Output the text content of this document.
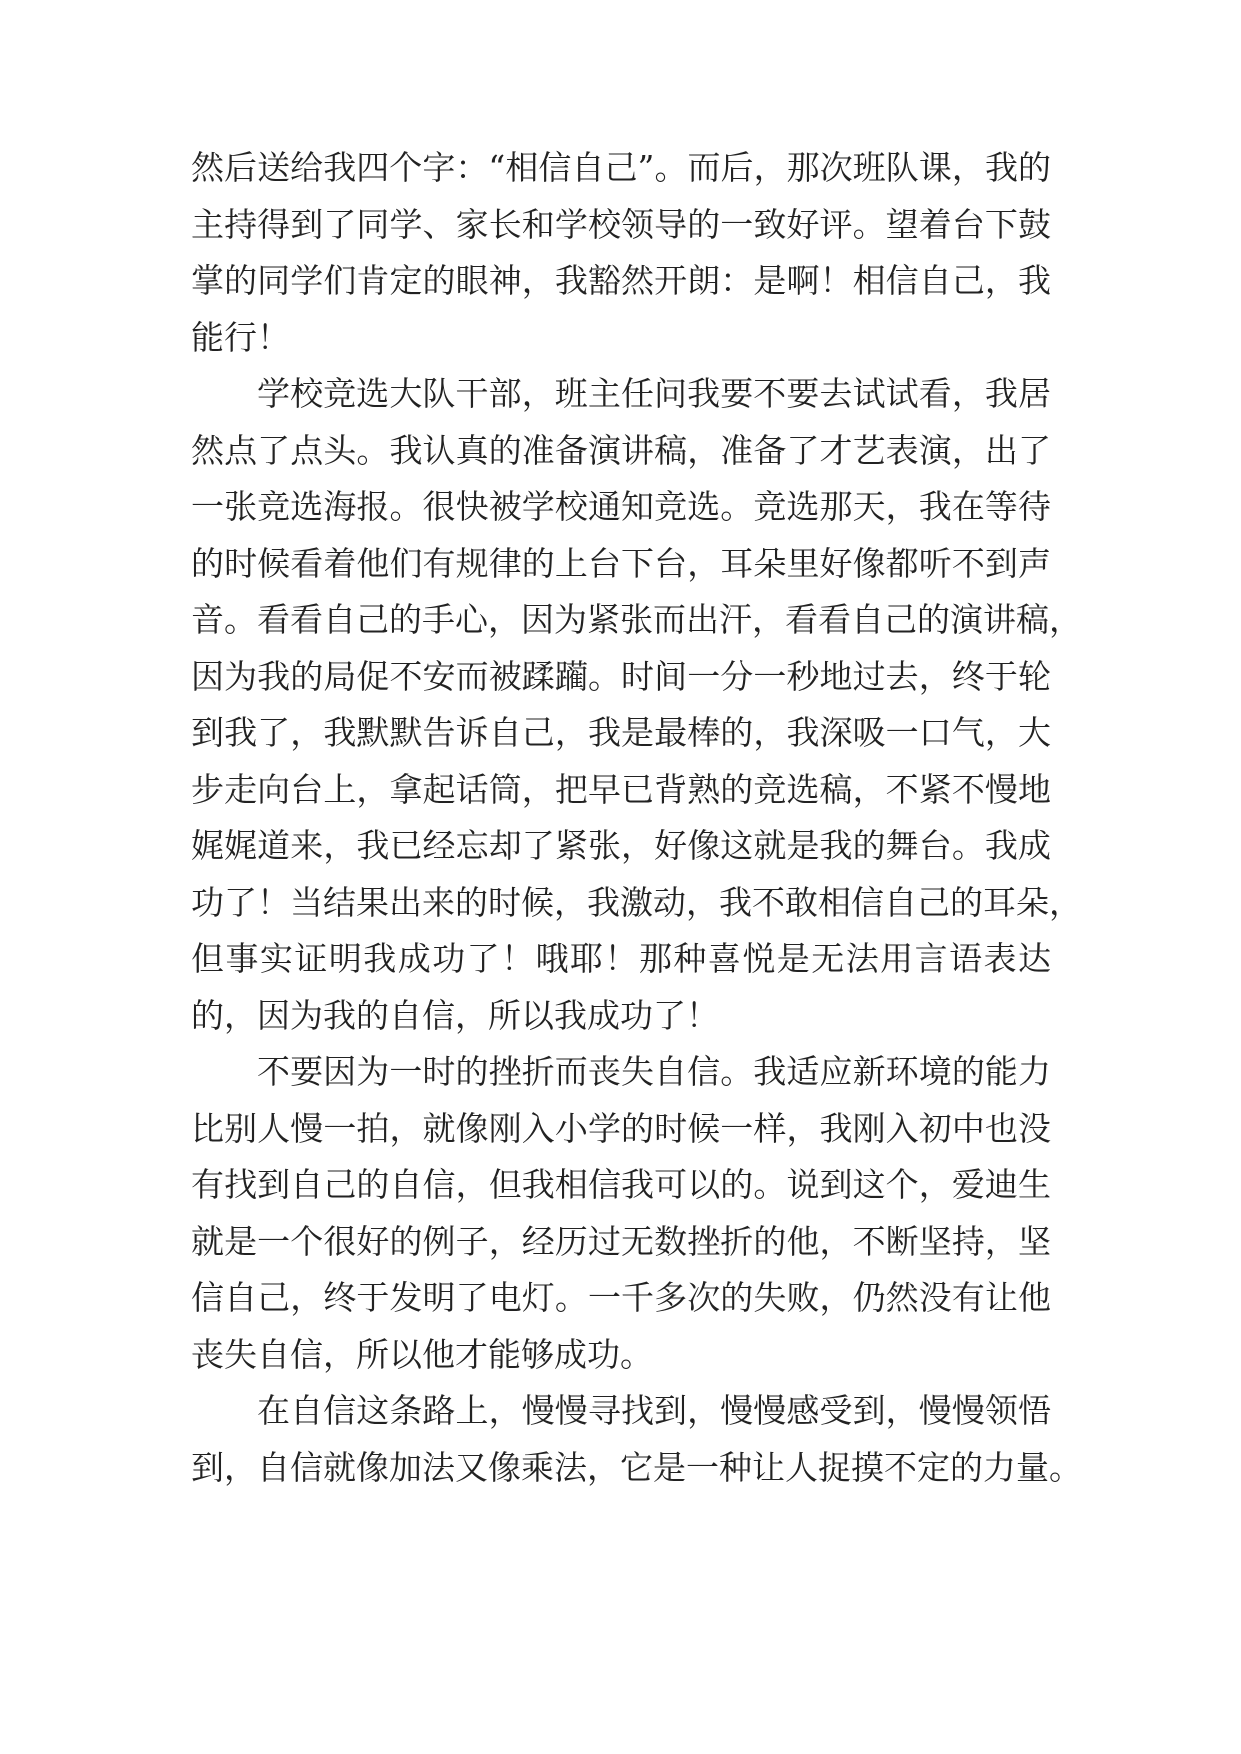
然后送给我四个字：“相信自己”。而后，那次班队课，我的
主持得到了同学、家长和学校领导的一致好评。望着台下鼓
掌的同学们肯定的眼神，我豁然开朗：是啊！相信自己，我
能行！
学校竞选大队干部，班主任问我要不要去试试看，我居
然点了点头。我认真的准备演讲稿，准备了才艺表演，出了
一张竞选海报。很快被学校通知竞选。竞选那天，我在等待
的时候看着他们有规律的上台下台，耳朵里好像都听不到声
音。看看自己的手心，因为紧张而出汗，看看自己的演讲稿，
因为我的局促不安而被蹂躏。时间一分一秒地过去，终于轮
到我了，我默默告诉自己，我是最棒的，我深吸一口气，大
步走向台上，拿起话筒，把早已背熟的竞选稿，不紧不慢地
娓娓道来，我已经忘却了紧张，好像这就是我的舞台。我成
功了！当结果出来的时候，我激动，我不敢相信自己的耳朵，
但事实证明我成功了！哦耶！那种喜悦是无法用言语表达
的，因为我的自信，所以我成功了！
不要因为一时的挫折而丧失自信。我适应新环境的能力
比别人慢一拍，就像刚入小学的时候一样，我刚入初中也没
有找到自己的自信，但我相信我可以的。说到这个，爱迪生
就是一个很好的例子，经历过无数挫折的他，不断坚持，坚
信自己，终于发明了电灯。一千多次的失败，仍然没有让他
丧失自信，所以他才能够成功。
在自信这条路上，慢慢寻找到，慢慢感受到，慢慢领悟
到，自信就像加法又像乘法，它是一种让人捉摸不定的力量。
